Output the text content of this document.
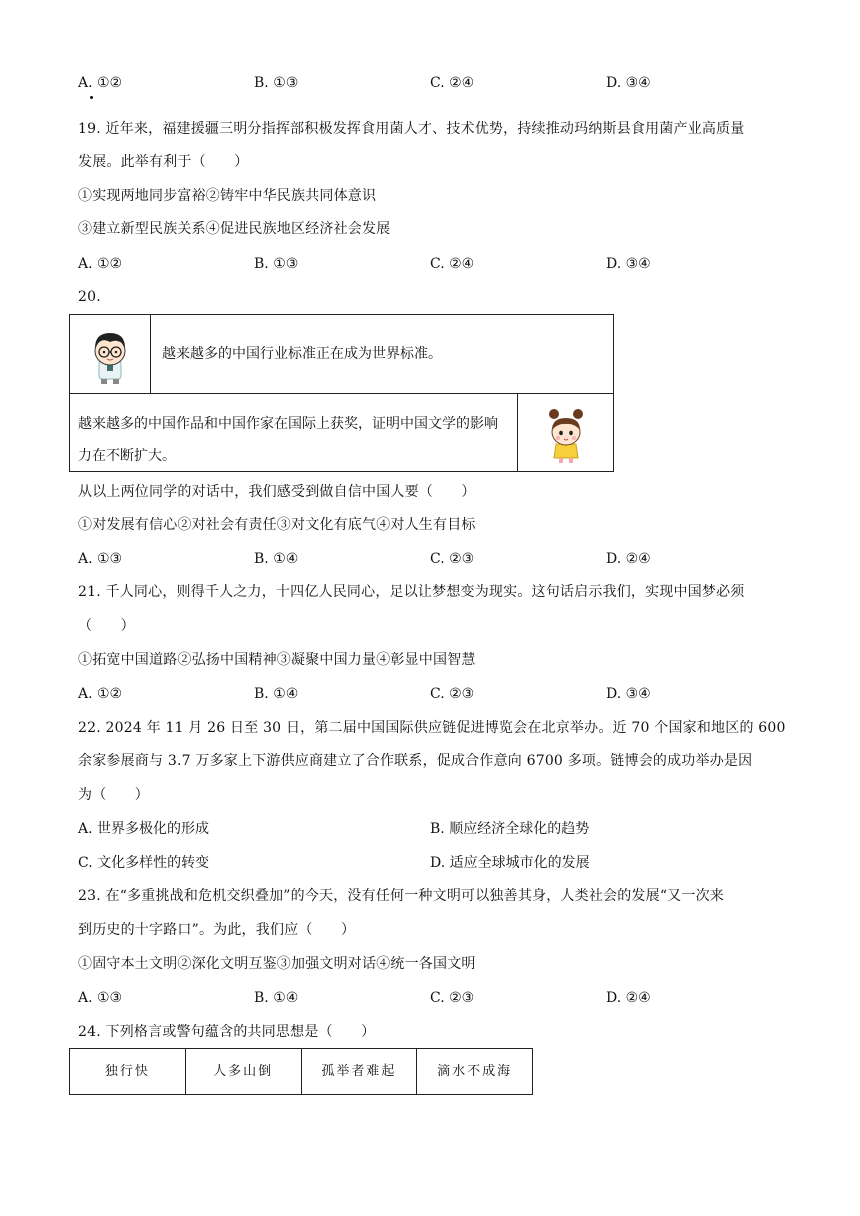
A. ①②	B. ①③	C. ②④	D. ③④
19. 近年来，福建援疆三明分指挥部积极发挥食用菌人才、技术优势，持续推动玛纳斯县食用菌产业高质量
发展。此举有利于（　　）
①实现两地同步富裕②铸牢中华民族共同体意识
③建立新型民族关系④促进民族地区经济社会发展
A. ①②	B. ①③	C. ②④	D. ③④
20.
越来越多的中国行业标准正在成为世界标准。
越来越多的中国作品和中国作家在国际上获奖，证明中国文学的影响力在不断扩大。
从以上两位同学的对话中，我们感受到做自信中国人要（　　）
①对发展有信心②对社会有责任③对文化有底气④对人生有目标
A. ①③	B. ①④	C. ②③	D. ②④
21. 千人同心，则得千人之力，十四亿人民同心，足以让梦想变为现实。这句话启示我们，实现中国梦必须
（　　）
①拓宽中国道路②弘扬中国精神③凝聚中国力量④彰显中国智慧
A. ①②	B. ①④	C. ②③	D. ③④
22. 2024 年 11 月 26 日至 30 日，第二届中国国际供应链促进博览会在北京举办。近 70 个国家和地区的 600
余家参展商与 3.7 万多家上下游供应商建立了合作联系，促成合作意向 6700 多项。链博会的成功举办是因
为（　　）
A. 世界多极化的形成	B. 顺应经济全球化的趋势
C. 文化多样性的转变	D. 适应全球城市化的发展
23. 在“多重挑战和危机交织叠加”的今天，没有任何一种文明可以独善其身，人类社会的发展“又一次来
到历史的十字路口”。为此，我们应（　　）
①固守本土文明②深化文明互鉴③加强文明对话④统一各国文明
A. ①③	B. ①④	C. ②③	D. ②④
24. 下列格言或警句蕴含的共同思想是（　　）
独行快	人多山倒	孤举者难起	滴水不成海
